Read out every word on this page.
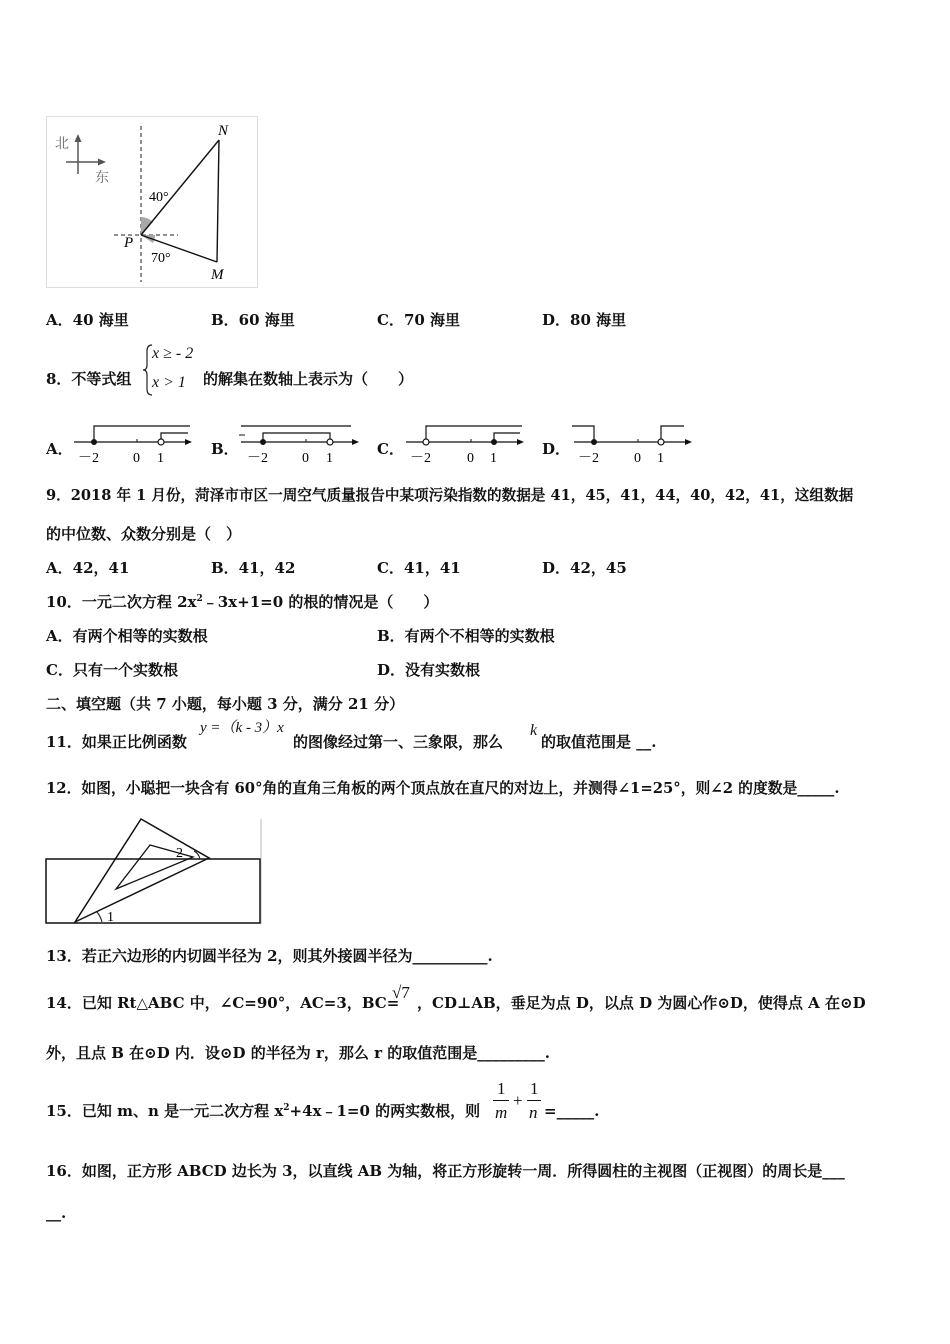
北
东
N
M
P
40°
70°
A．40 海里	B．60 海里	C．70 海里	D．80 海里
8．不等式组
x ≥ - 2
x > 1 的解集在数轴上表示为（　　）
A．
－2 0 1
B．
－2 0 1
C．
－2	0 1
D．
－2	0 1
9．2018 年 1 月份，菏泽市市区一周空气质量报告中某项污染指数的数据是 41，45，41，44，40，42，41，这组数据
的中位数、众数分别是（　）
A．42，41	B．41，42	C．41，41	D．42，45
10．一元二次方程 $2x^2﹣3x+1=0$ 的根的情况是（　　）
A．有两个相等的实数根	B．有两个不相等的实数根
C．只有一个实数根	D．没有实数根
二、填空题（共 7 小题，每小题 3 分，满分 21 分）
11．如果正比例函数
y =（k - 3）x
的图像经过第一、三象限，那么
k
的取值范围是 __.
12．如图，小聪把一块含有 60°角的直角三角板的两个顶点放在直尺的对边上，并测得∠1=25°，则∠2 的度数是_____.
1
2
13．若正六边形的内切圆半径为 2，则其外接圆半径为__________.
14．已知 Rt△ABC 中，∠C=90°，AC=3，BC=
√7
，CD⊥AB，垂足为点 D，以点 D 为圆心作⊙D，使得点 A 在⊙D
外，且点 B 在⊙D 内．设⊙D 的半径为 r，那么 r 的取值范围是_________.
15．已知 m、n 是一元二次方程 $x^2+4x﹣1=0$ 的两实数根，则
1
m
+
1
n =_____.
16．如图，正方形 ABCD 边长为 3，以直线 AB 为轴，将正方形旋转一周．所得圆柱的主视图（正视图）的周长是___
__.
